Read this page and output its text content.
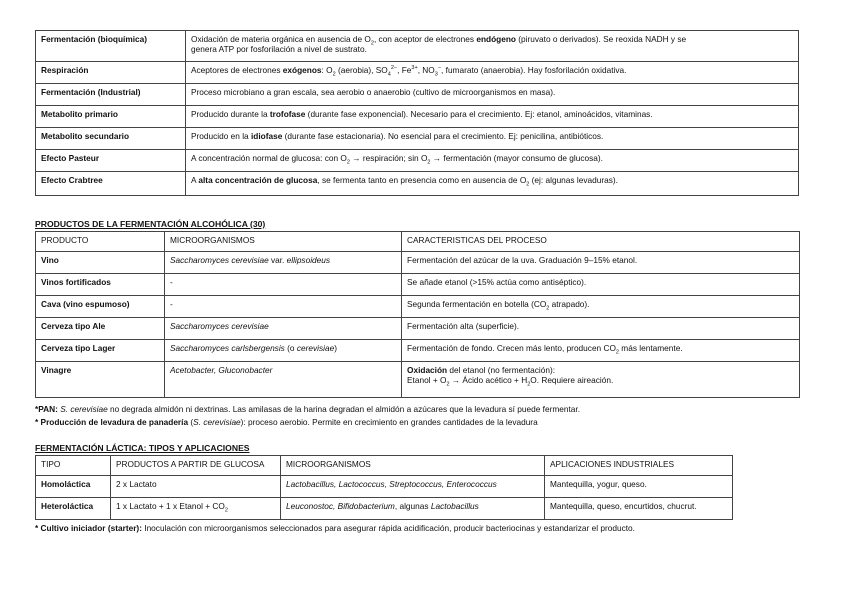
Fermentación (bioquímica)	Oxidación de materia orgánica en ausencia de $O_2$, con aceptor de electrones endógeno (piruvato o derivados). Se reoxida NADH y se
genera ATP por fosforilación a nivel de sustrato.
Respiración	Aceptores de electrones exógenos: $O_2$ (aerobia), $SO_4^{2-}$, $Fe^{3+}$, $NO_3^-$, fumarato (anaerobia). Hay fosforilación oxidativa.
Fermentación (Industrial)	Proceso microbiano a gran escala, sea aerobio o anaerobio (cultivo de microorganismos en masa).
Metabolito primario	Producido durante la trofofase (durante fase exponencial). Necesario para el crecimiento. Ej: etanol, aminoácidos, vitaminas.
Metabolito secundario	Producido en la idiofase (durante fase estacionaria). No esencial para el crecimiento. Ej: penicilina, antibióticos.
Efecto Pasteur	A concentración normal de glucosa: con $O_2$ → respiración; $\sin O_2$ → fermentación (mayor consumo de glucosa).
Efecto Crabtree	A alta concentración de glucosa, se fermenta tanto en presencia como en ausencia de $O_2$ (ej: algunas levaduras).
PRODUCTOS DE LA FERMENTACIÓN ALCOHÓLICA (30)
PRODUCTO	MICROORGANISMOS	CARACTERISTICAS DEL PROCESO
Vino	Saccharomyces cerevisiae var. ellipsoideus	Fermentación del azúcar de la uva. Graduación 9–15% etanol.
Vinos fortificados	-	Se añade etanol (>15% actúa como antiséptico).
Cava (vino espumoso)	-	Segunda fermentación en botella ($CO_2$ atrapado).
Cerveza tipo Ale	Saccharomyces cerevisiae	Fermentación alta (superficie).
Cerveza tipo Lager	Saccharomyces carlsbergensis (o cerevisiae)	Fermentación de fondo. Crecen más lento, producen $CO_2$ más lentamente.
Vinagre	Acetobacter, Gluconobacter	Oxidación del etanol (no fermentación):
Etanol + $O_2$ → Ácido acético + $H_2O$. Requiere aireación.
*PAN: S. cerevisiae no degrada almidón ni dextrinas. Las amilasas de la harina degradan el almidón a azúcares que la levadura sí puede fermentar.
* Producción de levadura de panadería (S. cerevisiae): proceso aerobio. Permite en crecimiento en grandes cantidades de la levadura
FERMENTACIÓN LÁCTICA: TIPOS Y APLICACIONES
TIPO	PRODUCTOS A PARTIR DE GLUCOSA	MICROORGANISMOS	APLICACIONES INDUSTRIALES
Homoláctica	2 x Lactato	Lactobacillus, Lactococcus, Streptococcus, Enterococcus	Mantequilla, yogur, queso.
Heteroláctica	1 x Lactato + 1 x Etanol + $CO_2$	Leuconostoc, Bifidobacterium, algunas Lactobacillus	Mantequilla, queso, encurtidos, chucrut.
* Cultivo iniciador (starter): Inoculación con microorganismos seleccionados para asegurar rápida acidificación, producir bacteriocinas y estandarizar el producto.
